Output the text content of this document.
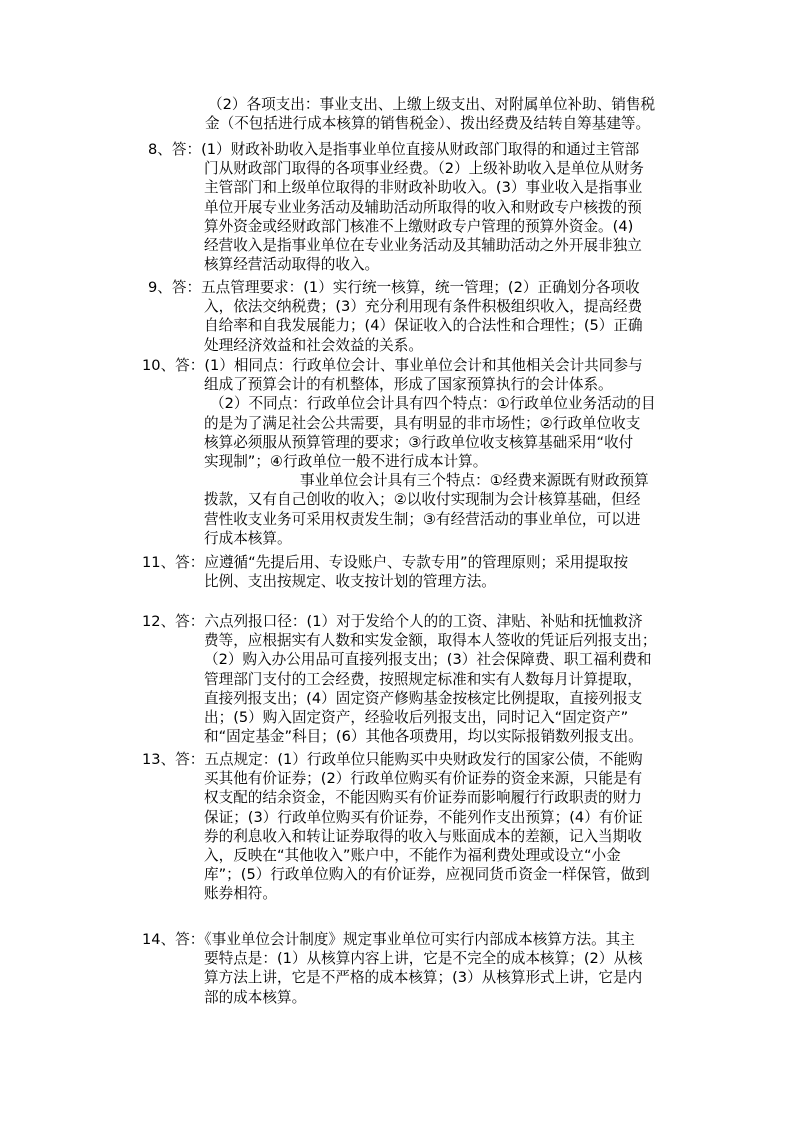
（2）各项支出：事业支出、上缴上级支出、对附属单位补助、销售税
金（不包括进行成本核算的销售税金）、拨出经费及结转自筹基建等。
8、答：(1）财政补助收入是指事业单位直接从财政部门取得的和通过主管部
门从财政部门取得的各项事业经费。（2）上级补助收入是单位从财务
主管部门和上级单位取得的非财政补助收入。(3）事业收入是指事业
单位开展专业业务活动及辅助活动所取得的收入和财政专户核拨的预
算外资金或经财政部门核准不上缴财政专户管理的预算外资金。(4)
经营收入是指事业单位在专业业务活动及其辅助活动之外开展非独立
核算经营活动取得的收入。
9、答：五点管理要求：(1）实行统一核算，统一管理；(2）正确划分各项收
入，依法交纳税费；(3）充分利用现有条件积极组织收入，提高经费
自给率和自我发展能力；(4）保证收入的合法性和合理性；(5）正确
处理经济效益和社会效益的关系。
10、答：(1）相同点：行政单位会计、事业单位会计和其他相关会计共同参与
组成了预算会计的有机整体，形成了国家预算执行的会计体系。
（2）不同点：行政单位会计具有四个特点：①行政单位业务活动的目
的是为了满足社会公共需要，具有明显的非市场性；②行政单位收支
核算必须服从预算管理的要求；③行政单位收支核算基础采用“收付
实现制”；④行政单位一般不进行成本计算。
事业单位会计具有三个特点：①经费来源既有财政预算
拨款，又有自己创收的收入；②以收付实现制为会计核算基础，但经
营性收支业务可采用权责发生制；③有经营活动的事业单位，可以进
行成本核算。
11、答：应遵循“先提后用、专设账户、专款专用”的管理原则；采用提取按
比例、支出按规定、收支按计划的管理方法。
12、答：六点列报口径：(1）对于发给个人的的工资、津贴、补贴和抚恤救济
费等，应根据实有人数和实发金额，取得本人签收的凭证后列报支出；
（2）购入办公用品可直接列报支出；(3）社会保障费、职工福利费和
管理部门支付的工会经费，按照规定标准和实有人数每月计算提取，
直接列报支出；(4）固定资产修购基金按核定比例提取，直接列报支
出；(5）购入固定资产，经验收后列报支出，同时记入“固定资产”
和“固定基金”科目；(6）其他各项费用，均以实际报销数列报支出。
13、答：五点规定：(1）行政单位只能购买中央财政发行的国家公债，不能购
买其他有价证券；(2）行政单位购买有价证券的资金来源，只能是有
权支配的结余资金，不能因购买有价证券而影响履行行政职责的财力
保证；(3）行政单位购买有价证券，不能列作支出预算；(4）有价证
券的利息收入和转让证券取得的收入与账面成本的差额，记入当期收
入，反映在“其他收入”账户中，不能作为福利费处理或设立“小金
库”；(5）行政单位购入的有价证券，应视同货币资金一样保管，做到
账券相符。
14、答：《事业单位会计制度》规定事业单位可实行内部成本核算方法。其主
要特点是：(1）从核算内容上讲，它是不完全的成本核算；(2）从核
算方法上讲，它是不严格的成本核算；(3）从核算形式上讲，它是内
部的成本核算。
